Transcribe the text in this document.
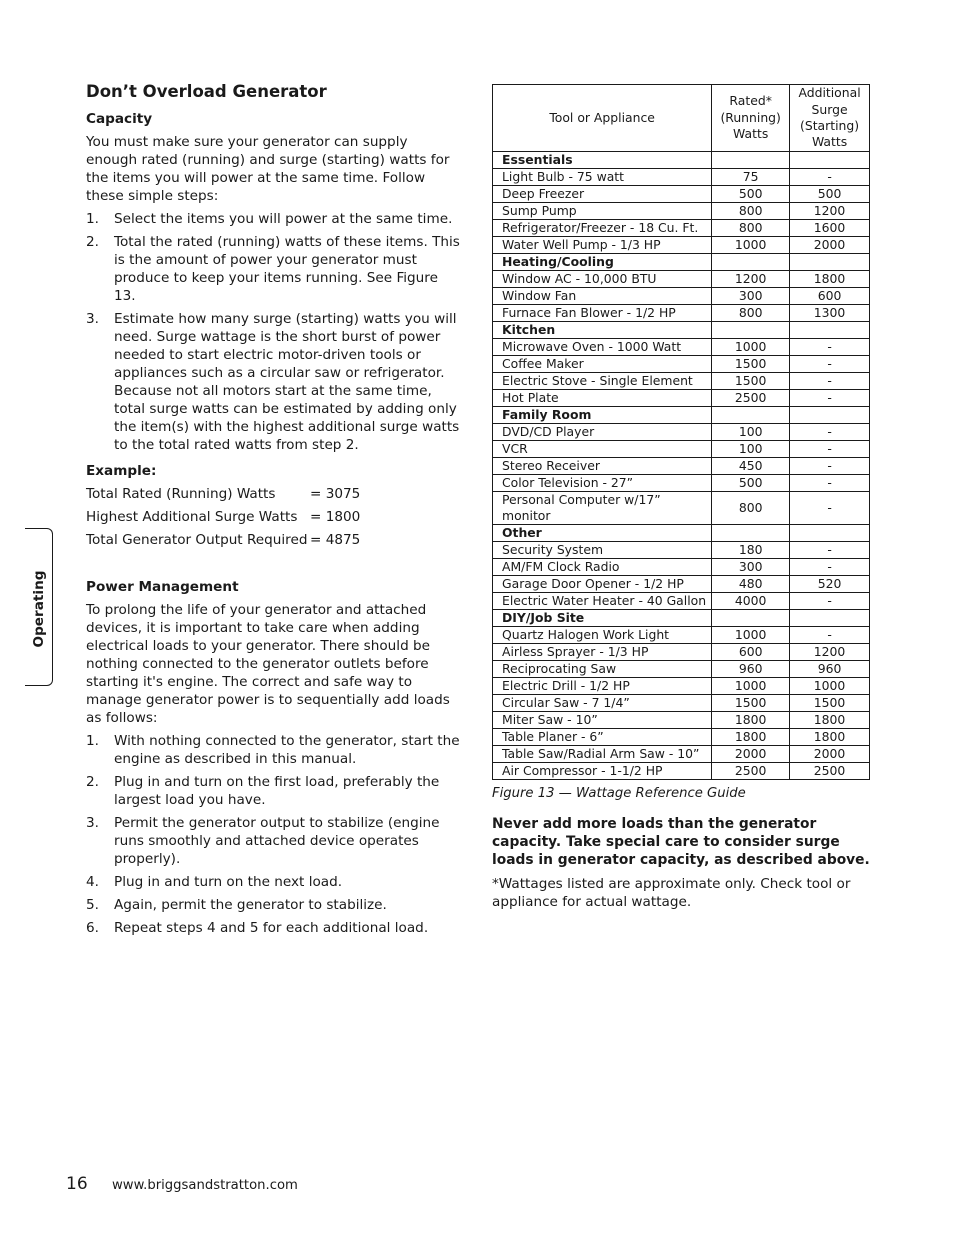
Don’t Overload Generator
Capacity

You must make sure your generator can supply enough rated (running) and surge (starting) watts for the items you will power at the same time. Follow these simple steps:

1.	Select the items you will power at the same time.
2.	Total the rated (running) watts of these items. This is the amount of power your generator must produce to keep your items running. See Figure 13.
3.	Estimate how many surge (starting) watts you will need. Surge wattage is the short burst of power needed to start electric motor-driven tools or appliances such as a circular saw or refrigerator. Because not all motors start at the same time, total surge watts can be estimated by adding only the item(s) with the highest additional surge watts to the total rated watts from step 2.
Example:
Total Rated (Running) Watts	= 3075
Highest Additional Surge Watts = 1800
Total Generator Output Required = 4875
Power Management

To prolong the life of your generator and attached devices, it is important to take care when adding electrical loads to your generator. There should be nothing connected to the generator outlets before starting it's engine. The correct and safe way to manage generator power is to sequentially add loads as follows:

1.	With nothing connected to the generator, start the engine as described in this manual.
2.	Plug in and turn on the first load, preferably the largest load you have.
3.	Permit the generator output to stabilize (engine runs smoothly and attached device operates properly).
4.	Plug in and turn on the next load.
5.	Again, permit the generator to stabilize.
6.	Repeat steps 4 and 5 for each additional load.
Tool or Appliance	Rated* (Running) Watts	Additional Surge (Starting) Watts
Essentials		
Light Bulb - 75 watt	75	-
Deep Freezer	500	500
Sump Pump	800	1200
Refrigerator/Freezer - 18 Cu. Ft.	800	1600
Water Well Pump - 1/3 HP	1000	2000
Heating/Cooling		
Window AC - 10,000 BTU	1200	1800
Window Fan	300	600
Furnace Fan Blower - 1/2 HP	800	1300
Kitchen		
Microwave Oven - 1000 Watt	1000	-
Coffee Maker	1500	-
Electric Stove - Single Element	1500	-
Hot Plate	2500	-
Family Room		
DVD/CD Player	100	-
VCR	100	-
Stereo Receiver	450	-
Color Television - 27”	500	-
Personal Computer w/17” monitor	800	-
Other		
Security System	180	-
AM/FM Clock Radio	300	-
Garage Door Opener - 1/2 HP	480	520
Electric Water Heater - 40 Gallon	4000	-
DIY/Job Site		
Quartz Halogen Work Light	1000	-
Airless Sprayer - 1/3 HP	600	1200
Reciprocating Saw	960	960
Electric Drill - 1/2 HP	1000	1000
Circular Saw - 7 1/4”	1500	1500
Miter Saw - 10”	1800	1800
Table Planer - 6”	1800	1800
Table Saw/Radial Arm Saw - 10”	2000	2000
Air Compressor - 1-1/2 HP	2500	2500
Figure 13 — Wattage Reference Guide
Never add more loads than the generator capacity. Take special care to consider surge loads in generator capacity, as described above.
*Wattages listed are approximate only. Check tool or appliance for actual wattage.
Operating
16	www.briggsandstratton.com
